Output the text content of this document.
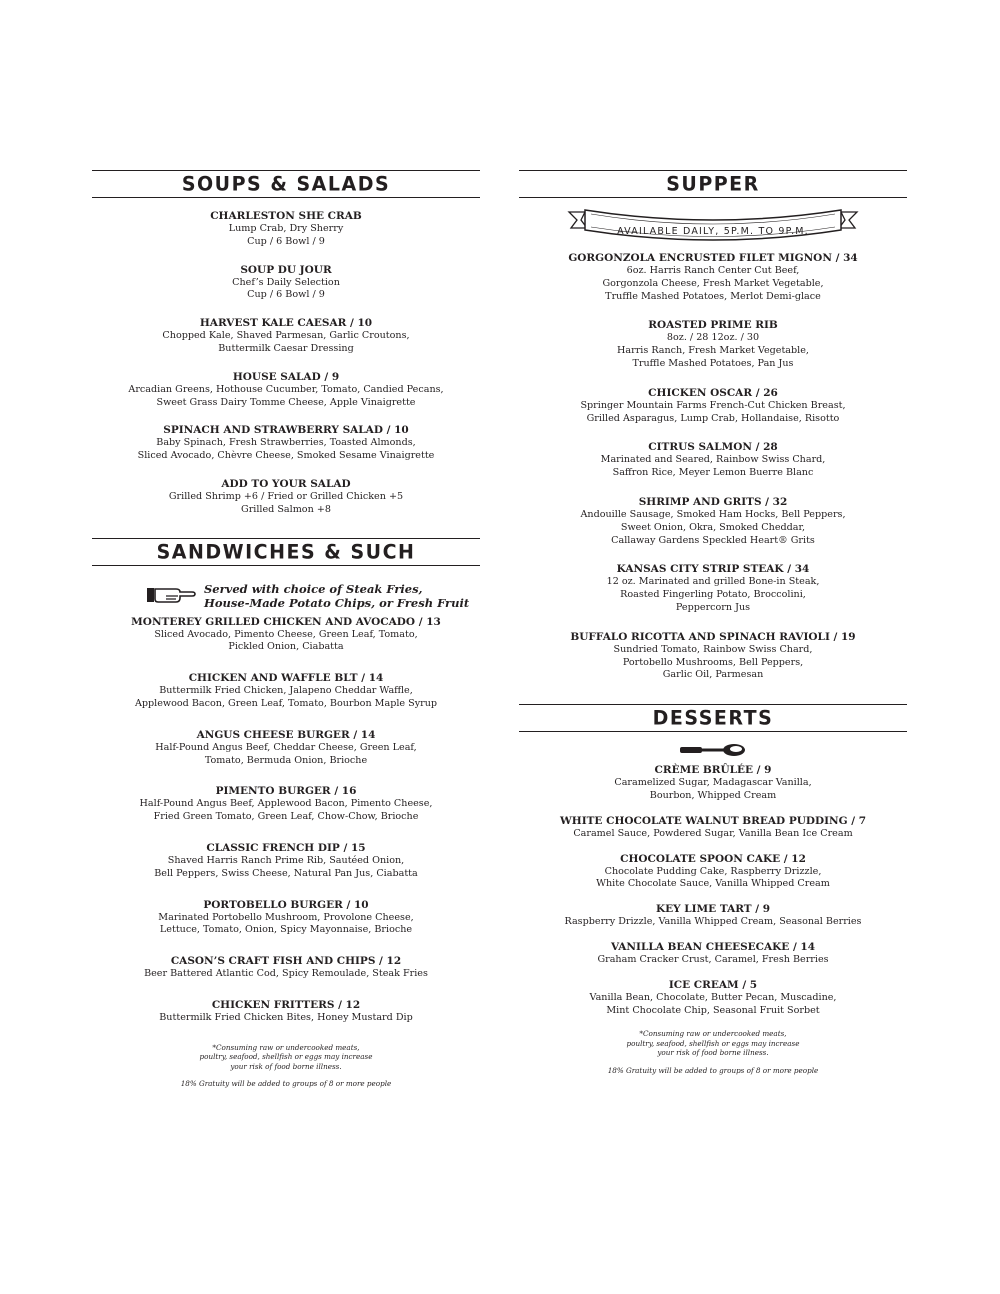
SOUPS & SALADS
CHARLESTON SHE CRAB
Lump Crab, Dry Sherry
Cup / 6 Bowl / 9
SOUP DU JOUR
Chef’s Daily Selection
Cup / 6 Bowl / 9
HARVEST KALE CAESAR / 10
Chopped Kale, Shaved Parmesan, Garlic Croutons,
Buttermilk Caesar Dressing
HOUSE SALAD / 9
Arcadian Greens, Hothouse Cucumber, Tomato, Candied Pecans,
Sweet Grass Dairy Tomme Cheese, Apple Vinaigrette
SPINACH AND STRAWBERRY SALAD / 10
Baby Spinach, Fresh Strawberries, Toasted Almonds,
Sliced Avocado, Chèvre Cheese, Smoked Sesame Vinaigrette
ADD TO YOUR SALAD
Grilled Shrimp +6 / Fried or Grilled Chicken +5
Grilled Salmon +8
SANDWICHES & SUCH
Served with choice of Steak Fries,
House-Made Potato Chips, or Fresh Fruit
MONTEREY GRILLED CHICKEN AND AVOCADO / 13
Sliced Avocado, Pimento Cheese, Green Leaf, Tomato,
Pickled Onion, Ciabatta
CHICKEN AND WAFFLE BLT / 14
Buttermilk Fried Chicken, Jalapeno Cheddar Waffle,
Applewood Bacon, Green Leaf, Tomato, Bourbon Maple Syrup
ANGUS CHEESE BURGER / 14
Half-Pound Angus Beef, Cheddar Cheese, Green Leaf,
Tomato, Bermuda Onion, Brioche
PIMENTO BURGER / 16
Half-Pound Angus Beef, Applewood Bacon, Pimento Cheese,
Fried Green Tomato, Green Leaf, Chow-Chow, Brioche
CLASSIC FRENCH DIP / 15
Shaved Harris Ranch Prime Rib, Sautéed Onion,
Bell Peppers, Swiss Cheese, Natural Pan Jus, Ciabatta
PORTOBELLO BURGER / 10
Marinated Portobello Mushroom, Provolone Cheese,
Lettuce, Tomato, Onion, Spicy Mayonnaise, Brioche
CASON’S CRAFT FISH AND CHIPS / 12
Beer Battered Atlantic Cod, Spicy Remoulade, Steak Fries
CHICKEN FRITTERS / 12
Buttermilk Fried Chicken Bites, Honey Mustard Dip
*Consuming raw or undercooked meats,
poultry, seafood, shellfish or eggs may increase
your risk of food borne illness.
18% Gratuity will be added to groups of 8 or more people
SUPPER
AVAILABLE DAILY, 5P.M. TO 9P.M.
GORGONZOLA ENCRUSTED FILET MIGNON / 34
6oz. Harris Ranch Center Cut Beef,
Gorgonzola Cheese, Fresh Market Vegetable,
Truffle Mashed Potatoes, Merlot Demi-glace
ROASTED PRIME RIB
8oz. / 28 12oz. / 30
Harris Ranch, Fresh Market Vegetable,
Truffle Mashed Potatoes, Pan Jus
CHICKEN OSCAR / 26
Springer Mountain Farms French-Cut Chicken Breast,
Grilled Asparagus, Lump Crab, Hollandaise, Risotto
CITRUS SALMON / 28
Marinated and Seared, Rainbow Swiss Chard,
Saffron Rice, Meyer Lemon Buerre Blanc
SHRIMP AND GRITS / 32
Andouille Sausage, Smoked Ham Hocks, Bell Peppers,
Sweet Onion, Okra, Smoked Cheddar,
Callaway Gardens Speckled Heart® Grits
KANSAS CITY STRIP STEAK / 34
12 oz. Marinated and grilled Bone-in Steak,
Roasted Fingerling Potato, Broccolini,
Peppercorn Jus
BUFFALO RICOTTA AND SPINACH RAVIOLI / 19
Sundried Tomato, Rainbow Swiss Chard,
Portobello Mushrooms, Bell Peppers,
Garlic Oil, Parmesan
DESSERTS
CRÈME BRÛLÉE / 9
Caramelized Sugar, Madagascar Vanilla,
Bourbon, Whipped Cream
WHITE CHOCOLATE WALNUT BREAD PUDDING / 7
Caramel Sauce, Powdered Sugar, Vanilla Bean Ice Cream
CHOCOLATE SPOON CAKE / 12
Chocolate Pudding Cake, Raspberry Drizzle,
White Chocolate Sauce, Vanilla Whipped Cream
KEY LIME TART / 9
Raspberry Drizzle, Vanilla Whipped Cream, Seasonal Berries
VANILLA BEAN CHEESECAKE / 14
Graham Cracker Crust, Caramel, Fresh Berries
ICE CREAM / 5
Vanilla Bean, Chocolate, Butter Pecan, Muscadine,
Mint Chocolate Chip, Seasonal Fruit Sorbet
*Consuming raw or undercooked meats,
poultry, seafood, shellfish or eggs may increase
your risk of food borne illness.
18% Gratuity will be added to groups of 8 or more people
